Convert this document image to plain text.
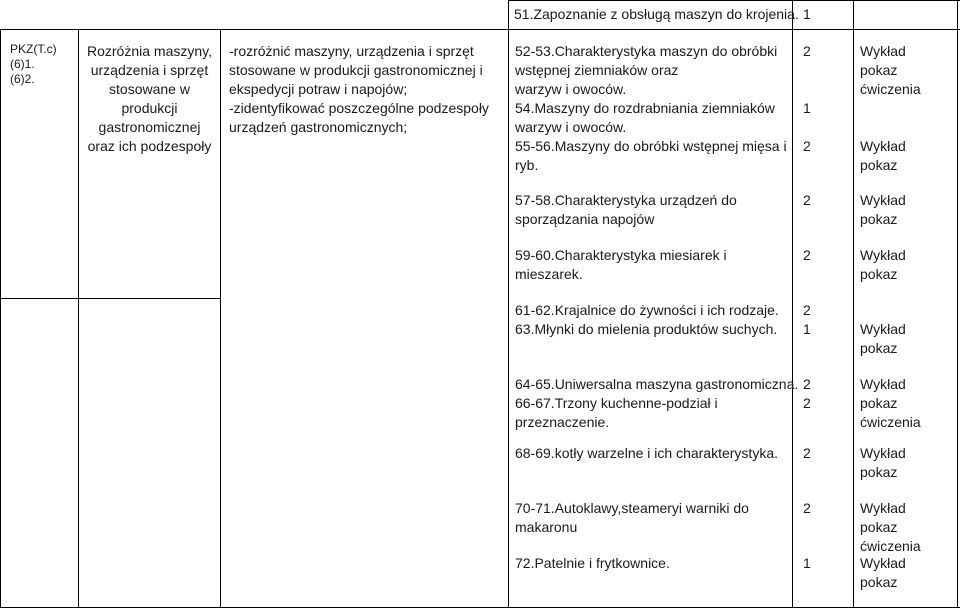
51.Zapoznanie z obsługą maszyn do krojenia. 1
PKZ(T.c)
(6)1.
(6)2.
Rozróżnia maszyny,
urządzenia i sprzęt
stosowane w
produkcji
gastronomicznej
oraz ich podzespoły
-rozróżnić maszyny, urządzenia i sprzęt
stosowane w produkcji gastronomicznej i
ekspedycji potraw i napojów;
-zidentyfikować poszczególne podzespoły
urządzeń gastronomicznych;
52-53.Charakterystyka maszyn do obróbki
wstępnej ziemniaków oraz
warzyw i owoców.
54.Maszyny do rozdrabniania ziemniaków
warzyw i owoców.
55-56.Maszyny do obróbki wstępnej mięsa i
ryb.
57-58.Charakterystyka urządzeń do
sporządzania napojów
59-60.Charakterystyka miesiarek i
mieszarek.
61-62.Krajalnice do żywności i ich rodzaje.
63.Młynki do mielenia produktów suchych.
64-65.Uniwersalna maszyna gastronomiczna.
66-67.Trzony kuchenne-podział i
przeznaczenie.
68-69.kotły warzelne i ich charakterystyka.
70-71.Autoklawy,steameryi warniki do
makaronu
72.Patelnie i frytkownice.
2
1
2
2
2
2
1
2
2
2
2
1
Wykład
pokaz
ćwiczenia
Wykład
pokaz
Wykład
pokaz
Wykład
pokaz
Wykład
pokaz
Wykład
pokaz
ćwiczenia
Wykład
pokaz
Wykład
pokaz
ćwiczenia
Wykład
pokaz
